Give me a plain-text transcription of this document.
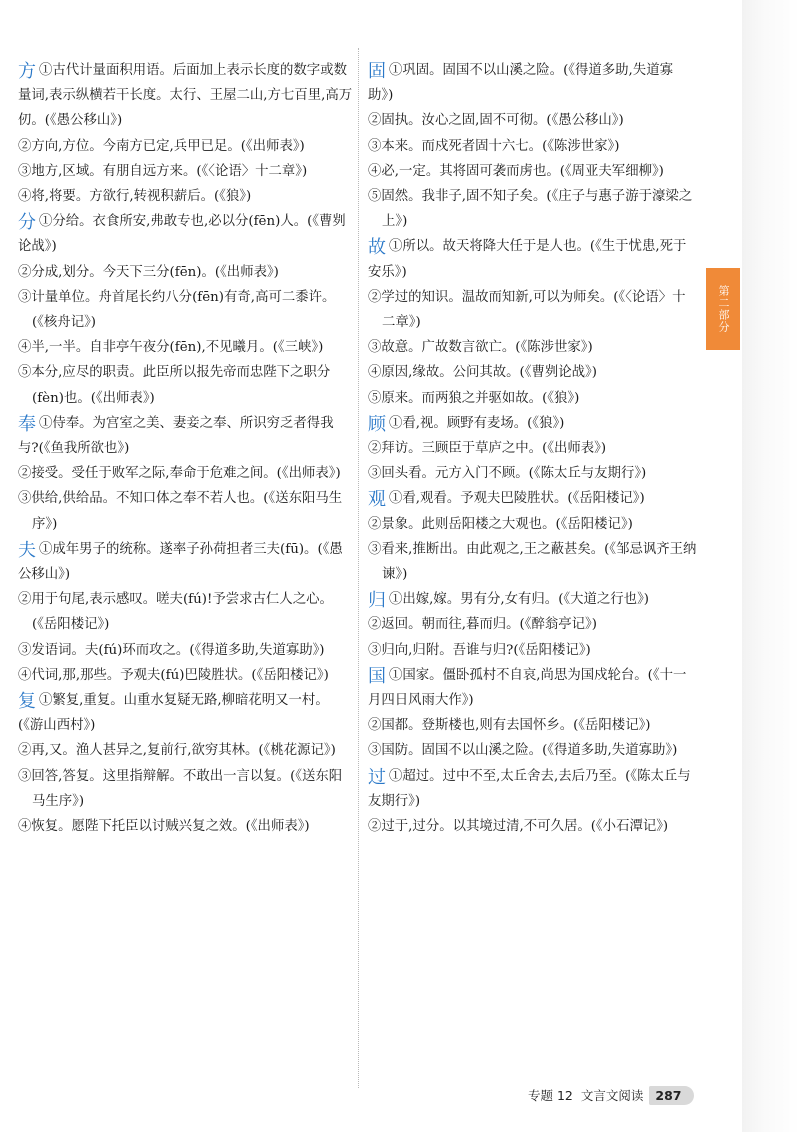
方 ①古代计量面积用语。后面加上表示长度的数字或数量词,表示纵横若干长度。太行、王屋二山,方七百里,高万仞。(《愚公移山》)

②方向,方位。今南方已定,兵甲已足。(《出师表》)

③地方,区域。有朋自远方来。(《〈论语〉十二章》)

④将,将要。方欲行,转视积薪后。(《狼》)

分 ①分给。衣食所安,弗敢专也,必以分(fēn)人。(《曹刿论战》)

②分成,划分。今天下三分(fēn)。(《出师表》)

③计量单位。舟首尾长约八分(fēn)有奇,高可二黍许。(《核舟记》)

④半,一半。自非亭午夜分(fēn),不见曦月。(《三峡》)

⑤本分,应尽的职责。此臣所以报先帝而忠陛下之职分(fèn)也。(《出师表》)

奉 ①侍奉。为宫室之美、妻妾之奉、所识穷乏者得我与?(《鱼我所欲也》)

②接受。受任于败军之际,奉命于危难之间。(《出师表》)

③供给,供给品。不知口体之奉不若人也。(《送东阳马生序》)

夫 ①成年男子的统称。遂率子孙荷担者三夫(fū)。(《愚公移山》)

②用于句尾,表示感叹。嗟夫(fú)!予尝求古仁人之心。(《岳阳楼记》)

③发语词。夫(fú)环而攻之。(《得道多助,失道寡助》)

④代词,那,那些。予观夫(fú)巴陵胜状。(《岳阳楼记》)

复 ①繁复,重复。山重水复疑无路,柳暗花明又一村。(《游山西村》)

②再,又。渔人甚异之,复前行,欲穷其林。(《桃花源记》)

③回答,答复。这里指辩解。不敢出一言以复。(《送东阳马生序》)

④恢复。愿陛下托臣以讨贼兴复之效。(《出师表》)

固 ①巩固。固国不以山溪之险。(《得道多助,失道寡助》)

②固执。汝心之固,固不可彻。(《愚公移山》)

③本来。而戍死者固十六七。(《陈涉世家》)

④必,一定。其将固可袭而虏也。(《周亚夫军细柳》)

⑤固然。我非子,固不知子矣。(《庄子与惠子游于濠梁之上》)

故 ①所以。故天将降大任于是人也。(《生于忧患,死于安乐》)

②学过的知识。温故而知新,可以为师矣。(《〈论语〉十二章》)

③故意。广故数言欲亡。(《陈涉世家》)

④原因,缘故。公问其故。(《曹刿论战》)

⑤原来。而两狼之并驱如故。(《狼》)

顾 ①看,视。顾野有麦场。(《狼》)

②拜访。三顾臣于草庐之中。(《出师表》)

③回头看。元方入门不顾。(《陈太丘与友期行》)

观 ①看,观看。予观夫巴陵胜状。(《岳阳楼记》)

②景象。此则岳阳楼之大观也。(《岳阳楼记》)

③看来,推断出。由此观之,王之蔽甚矣。(《邹忌讽齐王纳谏》)

归 ①出嫁,嫁。男有分,女有归。(《大道之行也》)

②返回。朝而往,暮而归。(《醉翁亭记》)

③归向,归附。吾谁与归?(《岳阳楼记》)

国 ①国家。僵卧孤村不自哀,尚思为国戍轮台。(《十一月四日风雨大作》)

②国都。登斯楼也,则有去国怀乡。(《岳阳楼记》)

③国防。固国不以山溪之险。(《得道多助,失道寡助》)

过 ①超过。过中不至,太丘舍去,去后乃至。(《陈太丘与友期行》)

②过于,过分。以其境过清,不可久居。(《小石潭记》)

第二部分
专题 12 文言文阅读 287
